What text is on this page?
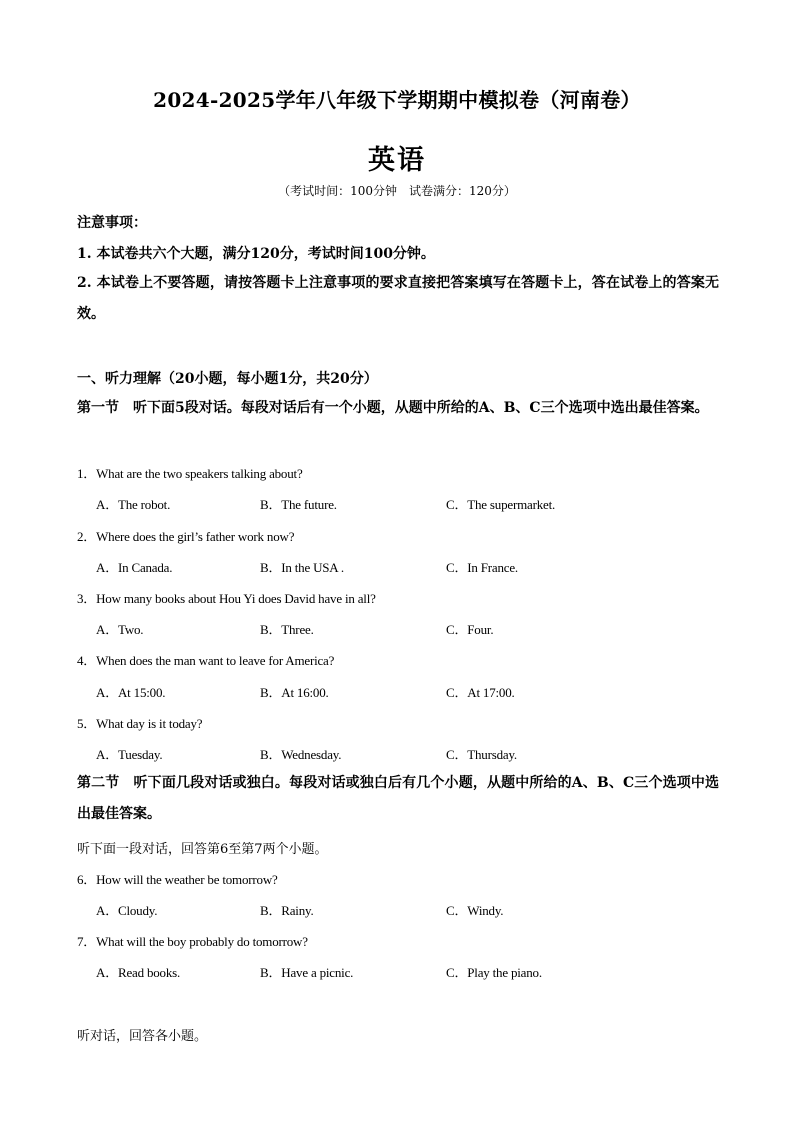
2024-2025学年八年级下学期期中模拟卷（河南卷）
英语
（考试时间：100分钟　试卷满分：120分）
注意事项：
1. 本试卷共六个大题，满分120分，考试时间100分钟。
2. 本试卷上不要答题，请按答题卡上注意事项的要求直接把答案填写在答题卡上，答在试卷上的答案无效。
一、听力理解（20小题，每小题1分，共20分）
第一节　听下面5段对话。每段对话后有一个小题，从题中所给的A、B、C三个选项中选出最佳答案。
1．What are the two speakers talking about?
A．The robot.	B．The future.	C．The supermarket.
2．Where does the girl’s father work now?
A．In Canada.	B．In the USA .	C．In France.
3．How many books about Hou Yi does David have in all?
A．Two.	B．Three.	C．Four.
4．When does the man want to leave for America?
A．At 15:00.	B．At 16:00.	C．At 17:00.
5．What day is it today?
A．Tuesday.	B．Wednesday.	C．Thursday.
第二节　听下面几段对话或独白。每段对话或独白后有几个小题，从题中所给的A、B、C三个选项中选出最佳答案。
听下面一段对话，回答第6至第7两个小题。
6．How will the weather be tomorrow?
A．Cloudy.	B．Rainy.	C．Windy.
7．What will the boy probably do tomorrow?
A．Read books.	B．Have a picnic.	C．Play the piano.
听对话，回答各小题。
